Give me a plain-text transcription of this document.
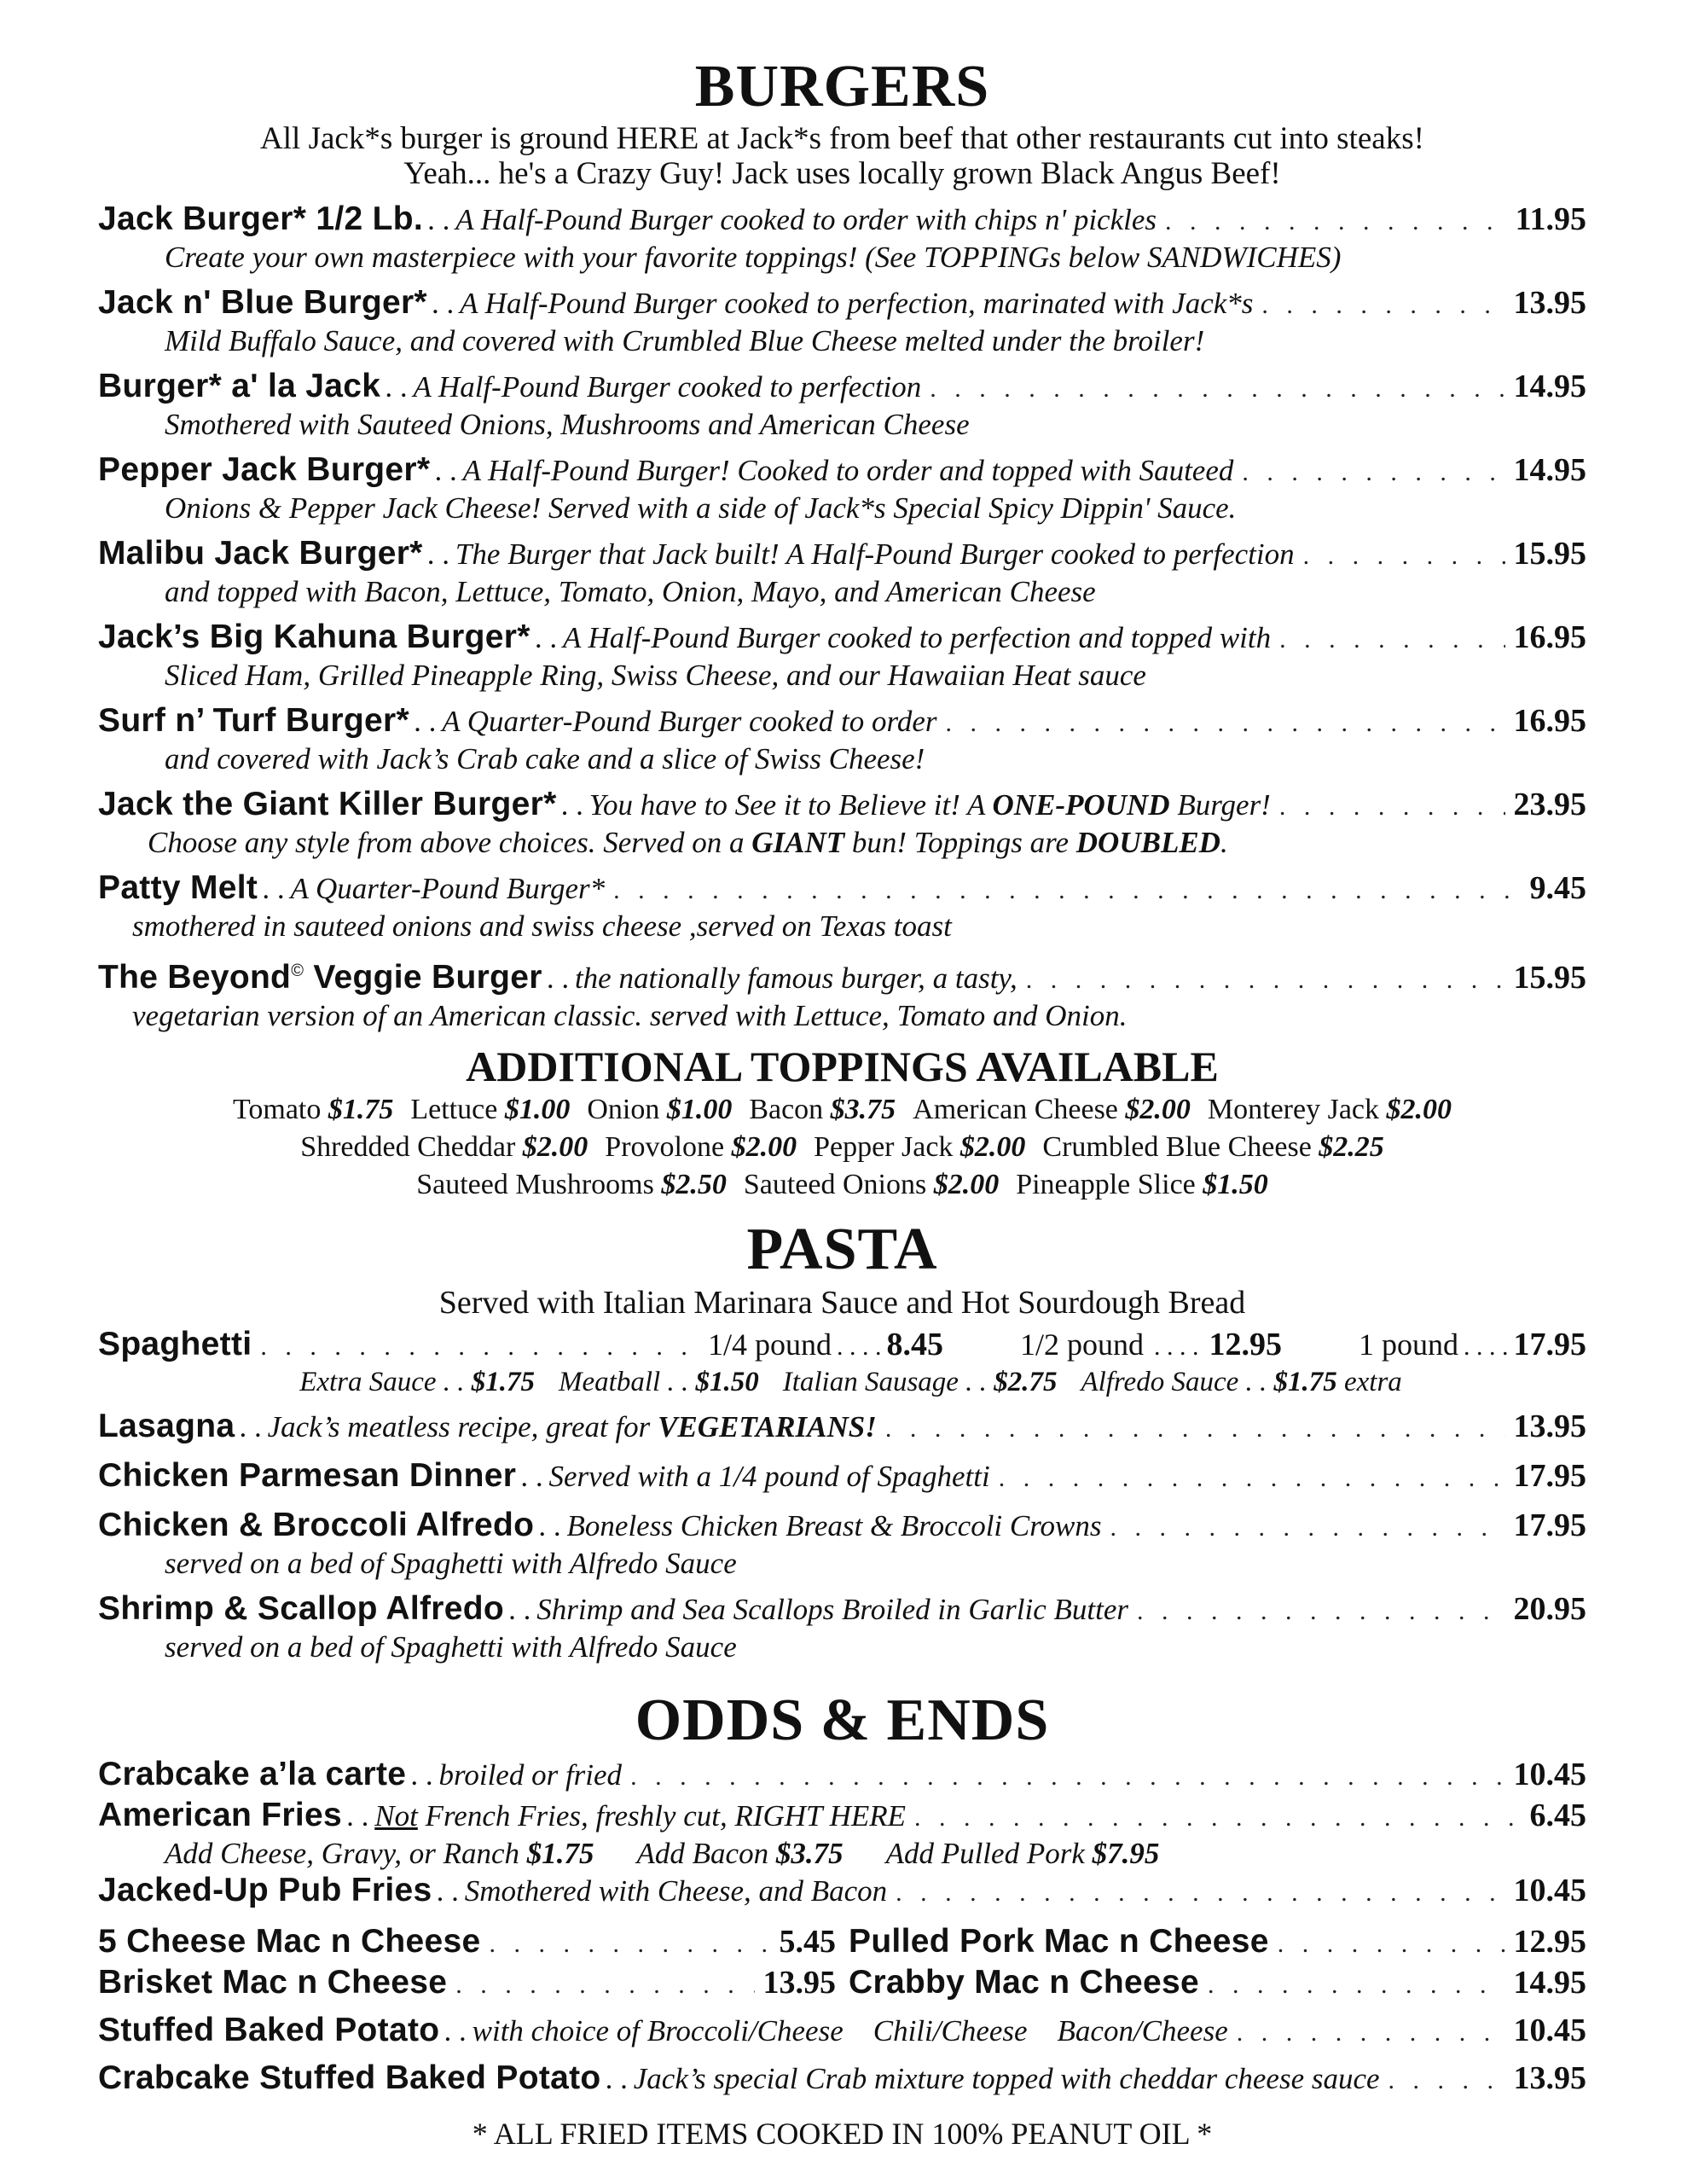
BURGERS
All Jack*s burger is ground HERE at Jack*s from beef that other restaurants cut into steaks!
Yeah... he's a Crazy Guy! Jack uses locally grown Black Angus Beef!
Jack Burger* 1/2 Lb. . . A Half-Pound Burger cooked to order with chips n' pickles . . .	11.95
Create your own masterpiece with your favorite toppings! (See TOPPINGs below SANDWICHES)
Jack n' Blue Burger* . . A Half-Pound Burger cooked to perfection, marinated with Jack*s . . .	13.95
Mild Buffalo Sauce, and covered with Crumbled Blue Cheese melted under the broiler!
Burger* a' la Jack . . A Half-Pound Burger cooked to perfection . . .	14.95
Smothered with Sauteed Onions, Mushrooms and American Cheese
Pepper Jack Burger* . . A Half-Pound Burger! Cooked to order and topped with Sauteed . . .	14.95
Onions & Pepper Jack Cheese! Served with a side of Jack*s Special Spicy Dippin' Sauce.
Malibu Jack Burger* . . The Burger that Jack built! A Half-Pound Burger cooked to perfection . . .	15.95
and topped with Bacon, Lettuce, Tomato, Onion, Mayo, and American Cheese
Jack’s Big Kahuna Burger* . . A Half-Pound Burger cooked to perfection and topped with . . .	16.95
Sliced Ham, Grilled Pineapple Ring, Swiss Cheese, and our Hawaiian Heat sauce
Surf n’ Turf Burger* . . A Quarter-Pound Burger cooked to order . . .	16.95
and covered with Jack’s Crab cake and a slice of Swiss Cheese!
Jack the Giant Killer Burger* . . You have to See it to Believe it! A ONE-POUND Burger! . . .	23.95
Choose any style from above choices. Served on a GIANT bun! Toppings are DOUBLED.
Patty Melt . . A Quarter-Pound Burger* . . .	9.45
smothered in sauteed onions and swiss cheese ,served on Texas toast
The Beyond© Veggie Burger . . the nationally famous burger, a tasty, . . .	15.95
vegetarian version of an American classic. served with Lettuce, Tomato and Onion.
ADDITIONAL TOPPINGS AVAILABLE
Tomato $1.75 Lettuce $1.00 Onion $1.00 Bacon $3.75 American Cheese $2.00 Monterey Jack $2.00
Shredded Cheddar $2.00 Provolone $2.00 Pepper Jack $2.00 Crumbled Blue Cheese $2.25
Sauteed Mushrooms $2.50 Sauteed Onions $2.00 Pineapple Slice $1.50
PASTA
Served with Italian Marinara Sauce and Hot Sourdough Bread
Spaghetti . . .	1/4 pound . . . . 8.45	1/2 pound . . . . 12.95	1 pound . . . . 17.95
Extra Sauce . . $1.75 Meatball . . $1.50 Italian Sausage . . $2.75 Alfredo Sauce . . $1.75 extra
Lasagna . . Jack’s meatless recipe, great for VEGETARIANS! . . .	13.95
Chicken Parmesan Dinner . . Served with a 1/4 pound of Spaghetti . . .	17.95
Chicken & Broccoli Alfredo . . Boneless Chicken Breast & Broccoli Crowns . . .	17.95
served on a bed of Spaghetti with Alfredo Sauce
Shrimp & Scallop Alfredo . . Shrimp and Sea Scallops Broiled in Garlic Butter . . .	20.95
served on a bed of Spaghetti with Alfredo Sauce
ODDS & ENDS
Crabcake a’la carte . . broiled or fried . . .	10.45
American Fries . . Not French Fries, freshly cut, RIGHT HERE . . .	6.45
Add Cheese, Gravy, or Ranch $1.75 Add Bacon $3.75 Add Pulled Pork $7.95
Jacked-Up Pub Fries . . Smothered with Cheese, and Bacon . . .	10.45
5 Cheese Mac n Cheese . . .	5.45
Brisket Mac n Cheese . . .	13.95
Pulled Pork Mac n Cheese . . .	12.95
Crabby Mac n Cheese . . .	14.95
Stuffed Baked Potato . . with choice of Broccoli/Cheese    Chili/Cheese    Bacon/Cheese . . .	10.45
Crabcake Stuffed Baked Potato . . Jack’s special Crab mixture topped with cheddar cheese sauce . . .	13.95
* ALL FRIED ITEMS COOKED IN 100% PEANUT OIL *
